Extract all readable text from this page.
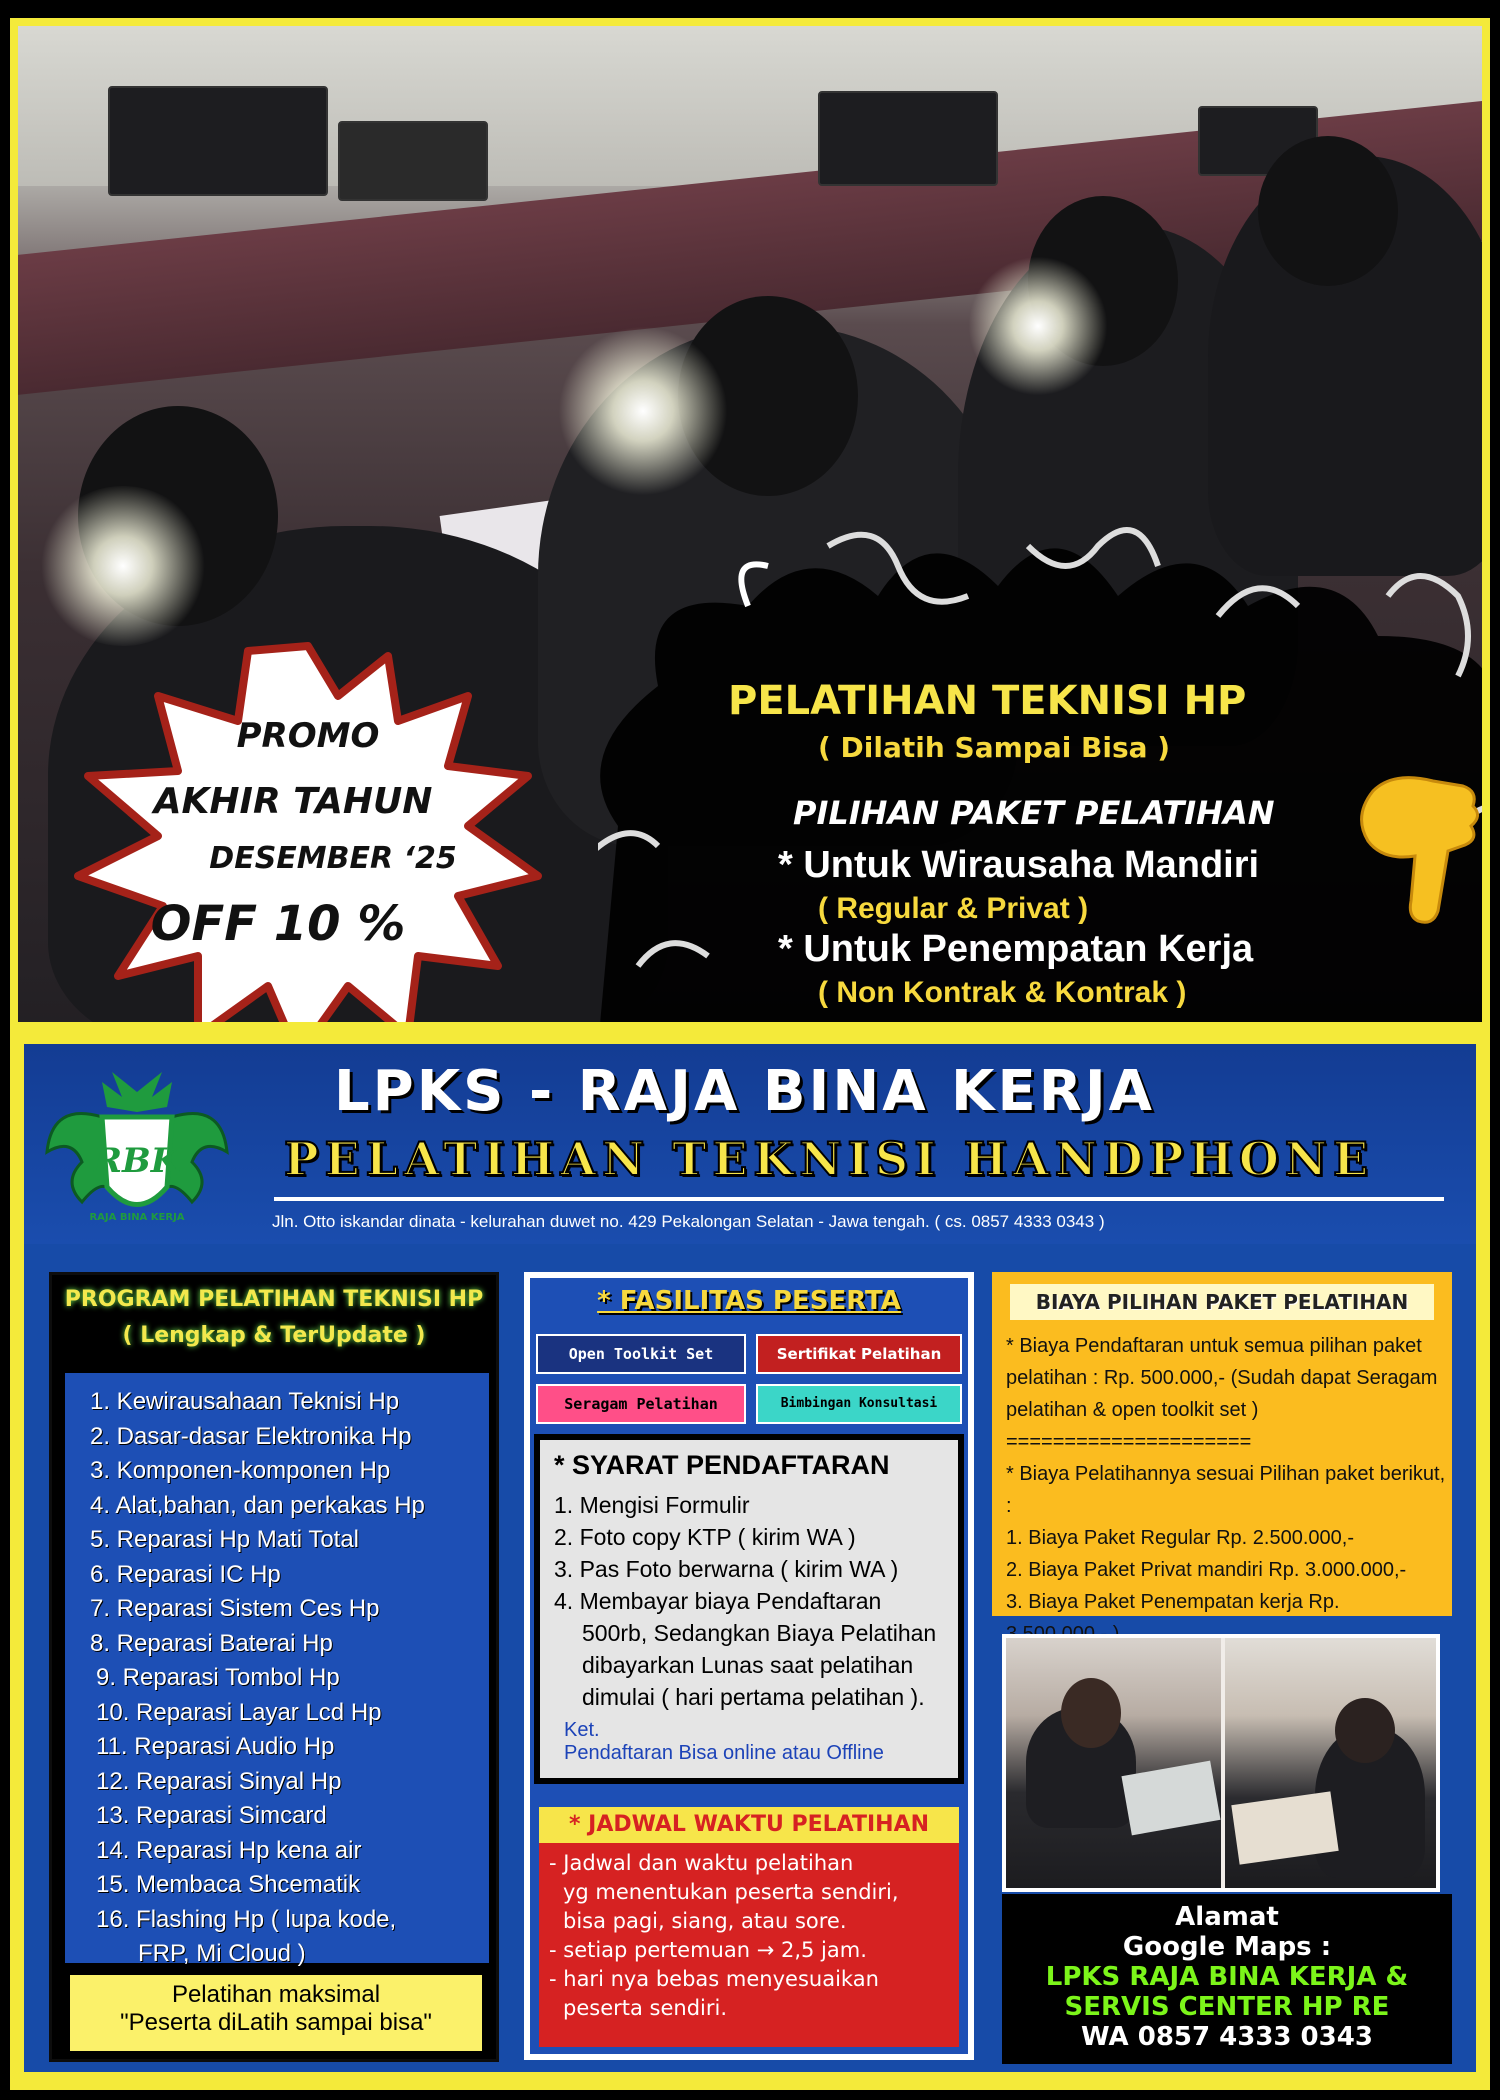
PROMO
AKHIR TAHUN
DESEMBER ‘25
OFF 10 %
PELATIHAN TEKNISI HP
( Dilatih Sampai Bisa )
PILIHAN PAKET PELATIHAN
* Untuk Wirausaha Mandiri
( Regular & Privat )
* Untuk Penempatan Kerja
( Non Kontrak & Kontrak )
RBK
RAJA BINA KERJA
LPKS - RAJA BINA KERJA
PELATIHAN TEKNISI HANDPHONE
Jln. Otto iskandar dinata - kelurahan duwet no. 429 Pekalongan Selatan - Jawa tengah. ( cs. 0857 4333 0343 )
PROGRAM PELATIHAN TEKNISI HP
( Lengkap & TerUpdate )
1. Kewirausahaan Teknisi Hp
2. Dasar-dasar Elektronika Hp
3. Komponen-komponen Hp
4. Alat,bahan, dan perkakas Hp
5. Reparasi Hp Mati Total
6. Reparasi IC Hp
7. Reparasi Sistem Ces Hp
8. Reparasi Baterai Hp
9. Reparasi Tombol Hp
10. Reparasi Layar Lcd Hp
11. Reparasi Audio Hp
12. Reparasi Sinyal Hp
13. Reparasi Simcard
14. Reparasi Hp kena air
15. Membaca Shcematik
16. Flashing Hp ( lupa kode,
FRP, Mi Cloud )
Pelatihan maksimal
"Peserta diLatih sampai bisa"
* FASILITAS PESERTA
Open Toolkit Set	Sertifikat Pelatihan
Seragam Pelatihan	Bimbingan Konsultasi
* SYARAT PENDAFTARAN
1. Mengisi Formulir
2. Foto copy KTP ( kirim WA )
3. Pas Foto berwarna ( kirim WA )
4. Membayar biaya Pendaftaran 500rb, Sedangkan Biaya Pelatihan dibayarkan Lunas saat pelatihan dimulai ( hari pertama pelatihan ).
Ket.
Pendaftaran Bisa online atau Offline
* JADWAL WAKTU PELATIHAN
- Jadwal dan waktu pelatihan
yg menentukan peserta sendiri,
bisa pagi, siang, atau sore.
- setiap pertemuan → 2,5 jam.
- hari nya bebas menyesuaikan
peserta sendiri.
BIAYA PILIHAN PAKET PELATIHAN
* Biaya Pendaftaran untuk semua pilihan paket
pelatihan : Rp. 500.000,- (Sudah dapat Seragam
pelatihan & open toolkit set )
=====================
* Biaya Pelatihannya sesuai Pilihan paket berikut, :
1. Biaya Paket Regular Rp. 2.500.000,-
2. Biaya Paket Privat mandiri Rp. 3.000.000,-
3. Biaya Paket Penempatan kerja Rp.
Alamat
Google Maps :
LPKS RAJA BINA KERJA &
SERVIS CENTER HP RE
WA 0857 4333 0343
